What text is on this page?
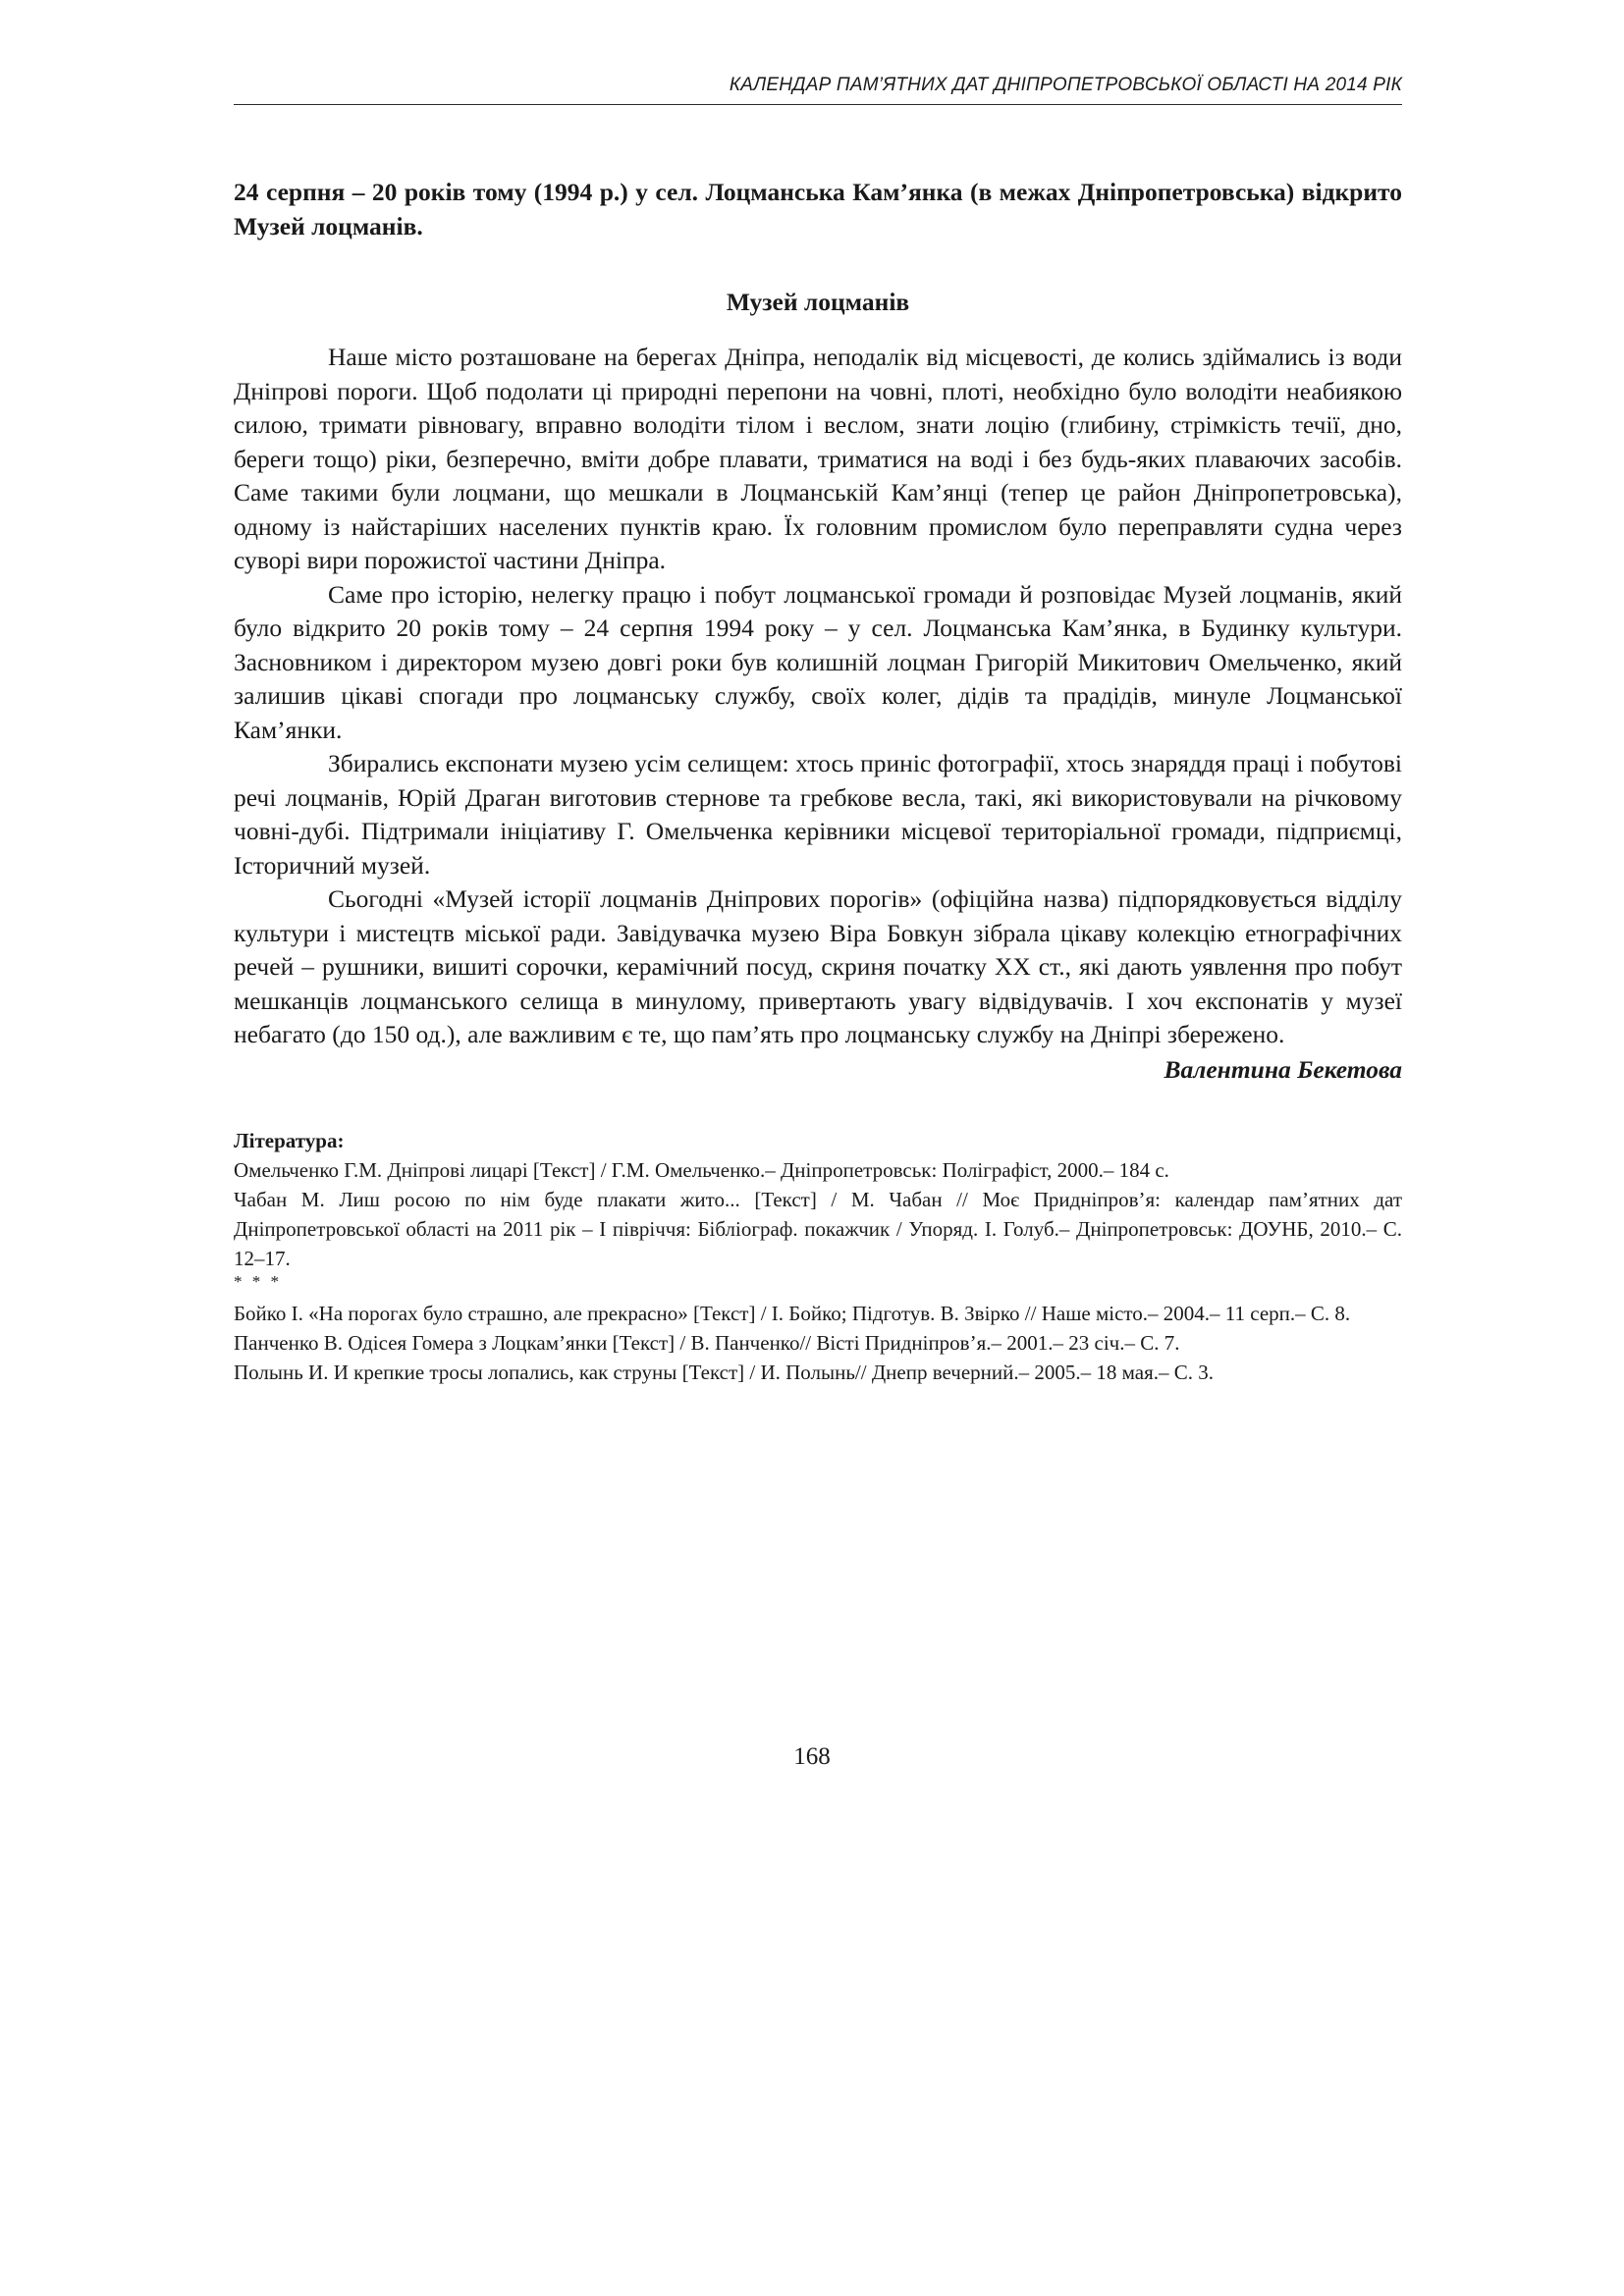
КАЛЕНДАР ПАМ’ЯТНИХ ДАТ ДНІПРОПЕТРОВСЬКОЇ ОБЛАСТІ НА 2014 РІК

24 серпня – 20 років тому (1994 р.) у сел. Лоцманська Кам’янка (в межах Дніпропетровська) відкрито Музей лоцманів.

Музей лоцманів

Наше місто розташоване на берегах Дніпра, неподалік від місцевості, де колись здіймались із води Дніпрові пороги. Щоб подолати ці природні перепони на човні, плоті, необхідно було володіти неабиякою силою, тримати рівновагу, вправно володіти тілом і веслом, знати лоцію (глибину, стрімкість течії, дно, береги тощо) ріки, безперечно, вміти добре плавати, триматися на воді і без будь-яких плаваючих засобів. Саме такими були лоцмани, що мешкали в Лоцманській Кам’янці (тепер це район Дніпропетровська), одному із найстаріших населених пунктів краю. Їх головним промислом було переправляти судна через суворі вири порожистої частини Дніпра.

Саме про історію, нелегку працю і побут лоцманської громади й розповідає Музей лоцманів, який було відкрито 20 років тому – 24 серпня 1994 року – у сел. Лоцманська Кам’янка, в Будинку культури. Засновником і директором музею довгі роки був колишній лоцман Григорій Микитович Омельченко, який залишив цікаві спогади про лоцманську службу, своїх колег, дідів та прадідів, минуле Лоцманської Кам’янки.

Збирались експонати музею усім селищем: хтось приніс фотографії, хтось знаряддя праці і побутові речі лоцманів, Юрій Драган виготовив стернове та гребкове весла, такі, які використовували на річковому човні-дубі. Підтримали ініціативу Г. Омельченка керівники місцевої територіальної громади, підприємці, Історичний музей.

Сьогодні «Музей історії лоцманів Дніпрових порогів» (офіційна назва) підпорядковується відділу культури і мистецтв міської ради. Завідувачка музею Віра Бовкун зібрала цікаву колекцію етнографічних речей – рушники, вишиті сорочки, керамічний посуд, скриня початку ХХ ст., які дають уявлення про побут мешканців лоцманського селища в минулому, привертають увагу відвідувачів. І хоч експонатів у музеї небагато (до 150 од.), але важливим є те, що пам’ять про лоцманську службу на Дніпрі збережено.

Валентина Бекетова

Література:

Омельченко Г.М. Дніпрові лицарі [Текст] / Г.М. Омельченко.– Дніпропетровськ: Поліграфіст, 2000.– 184 с.

Чабан М. Лиш росою по нім буде плакати жито... [Текст] / М. Чабан // Моє Придніпров’я: календар пам’ятних дат Дніпропетровської області на 2011 рік – І півріччя: Бібліограф. покажчик / Упоряд. І. Голуб.– Дніпропетровськ: ДОУНБ, 2010.– С. 12–17.

* * *

Бойко І. «На порогах було страшно, але прекрасно» [Текст] / І. Бойко; Підготув. В. Звірко // Наше місто.– 2004.– 11 серп.– С. 8.

Панченко В. Одісея Гомера з Лоцкам’янки [Текст] / В. Панченко// Вісті Придніпров’я.– 2001.– 23 січ.– С. 7.

Полынь И. И крепкие тросы лопались, как струны [Текст] / И. Полынь// Днепр вечерний.– 2005.– 18 мая.– С. 3.

168
